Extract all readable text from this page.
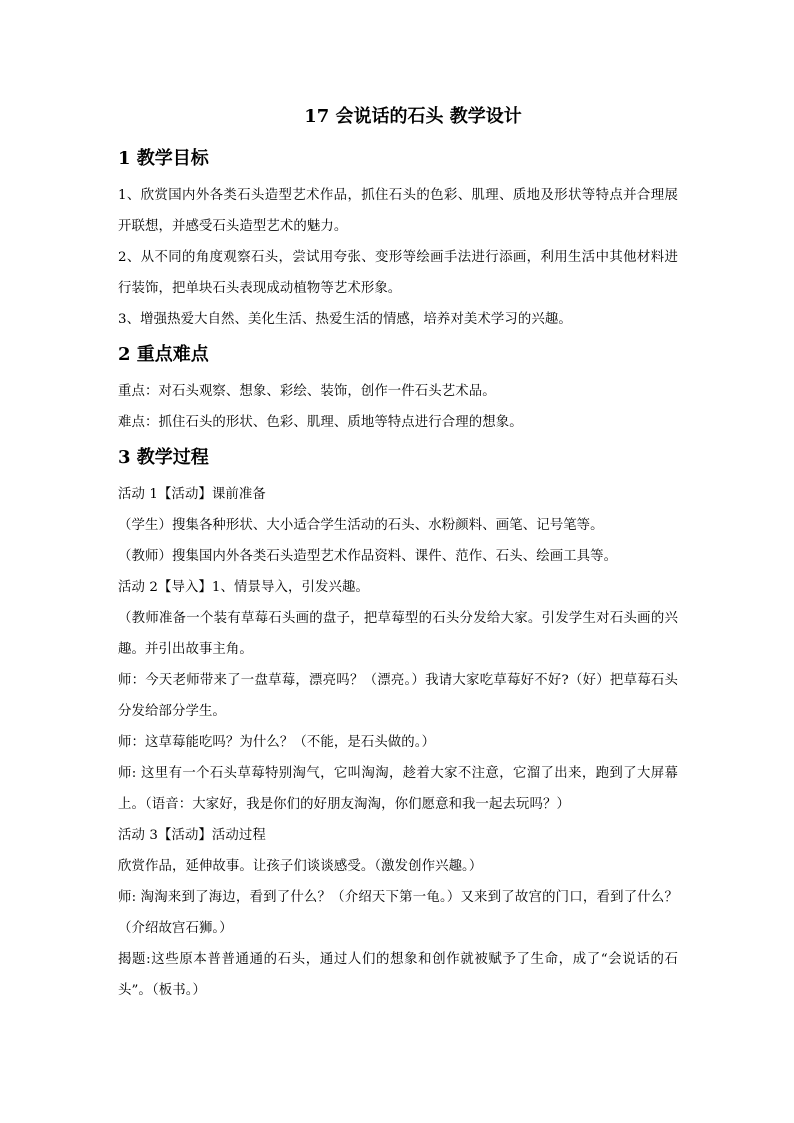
17 会说话的石头 教学设计
1 教学目标

1、欣赏国内外各类石头造型艺术作品，抓住石头的色彩、肌理、质地及形状等特点并合理展开联想，并感受石头造型艺术的魅力。

2、从不同的角度观察石头，尝试用夸张、变形等绘画手法进行添画，利用生活中其他材料进行装饰，把单块石头表现成动植物等艺术形象。

3、增强热爱大自然、美化生活、热爱生活的情感，培养对美术学习的兴趣。

2 重点难点

重点：对石头观察、想象、彩绘、装饰，创作一件石头艺术品。

难点：抓住石头的形状、色彩、肌理、质地等特点进行合理的想象。

3 教学过程

活动 1【活动】课前准备

（学生）搜集各种形状、大小适合学生活动的石头、水粉颜料、画笔、记号笔等。

（教师）搜集国内外各类石头造型艺术作品资料、课件、范作、石头、绘画工具等。

活动 2【导入】1、情景导入，引发兴趣。

（教师准备一个装有草莓石头画的盘子，把草莓型的石头分发给大家。引发学生对石头画的兴趣。并引出故事主角。

师：今天老师带来了一盘草莓，漂亮吗？（漂亮。）我请大家吃草莓好不好?（好）把草莓石头分发给部分学生。

师：这草莓能吃吗？为什么？（不能，是石头做的。）

师: 这里有一个石头草莓特别淘气，它叫淘淘，趁着大家不注意，它溜了出来，跑到了大屏幕上。（语音：大家好，我是你们的好朋友淘淘，你们愿意和我一起去玩吗？）

活动 3【活动】活动过程

欣赏作品，延伸故事。让孩子们谈谈感受。（激发创作兴趣。）

师: 淘淘来到了海边，看到了什么？（介绍天下第一龟。）又来到了故宫的门口，看到了什么？（介绍故宫石狮。）

揭题:这些原本普普通通的石头，通过人们的想象和创作就被赋予了生命，成了“会说话的石头”。（板书。）
